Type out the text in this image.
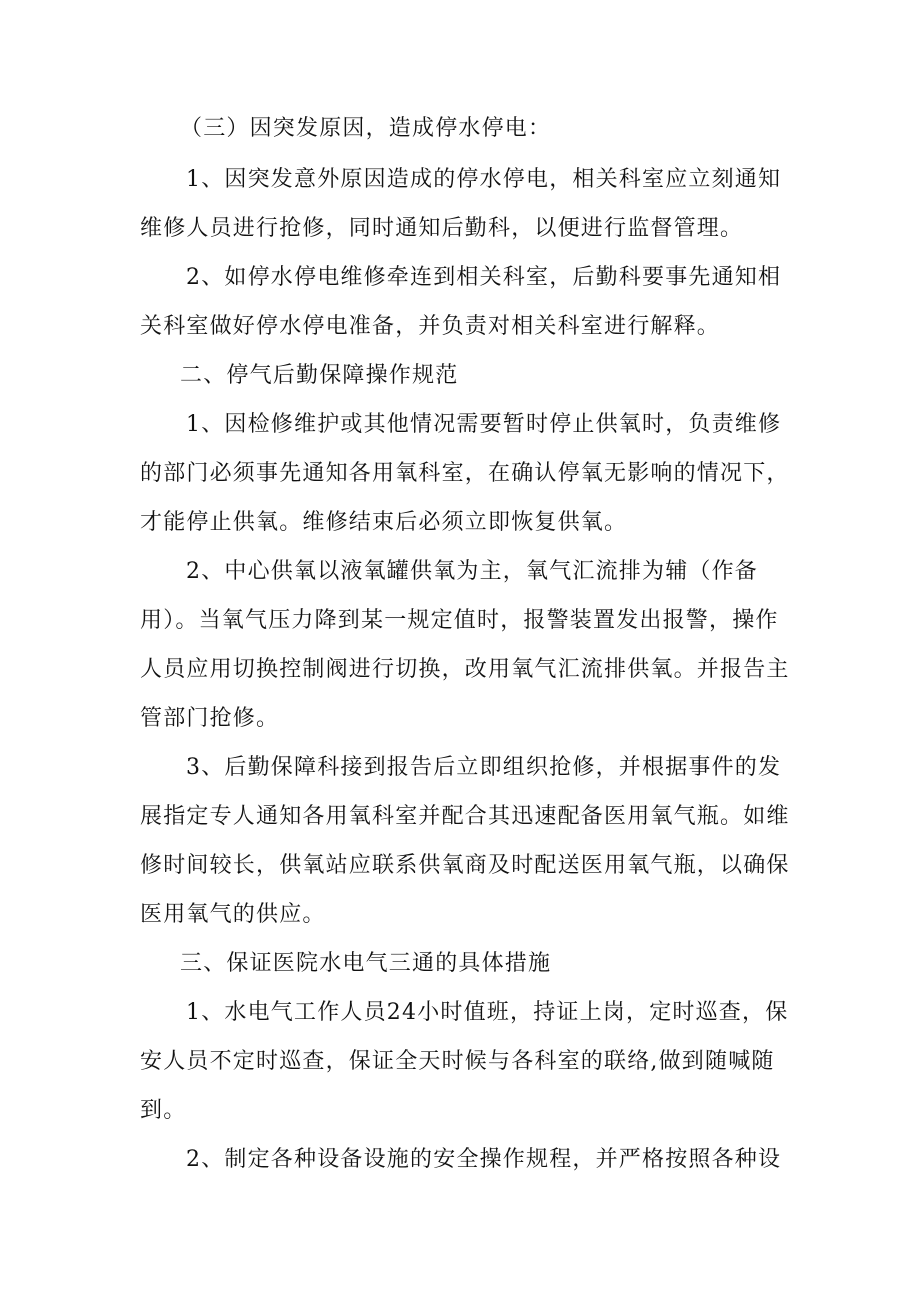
（三）因突发原因，造成停水停电：
1、因突发意外原因造成的停水停电，相关科室应立刻通知
维修人员进行抢修，同时通知后勤科，以便进行监督管理。
2、如停水停电维修牵连到相关科室，后勤科要事先通知相
关科室做好停水停电准备，并负责对相关科室进行解释。
二、停气后勤保障操作规范
1、因检修维护或其他情况需要暂时停止供氧时，负责维修
的部门必须事先通知各用氧科室，在确认停氧无影响的情况下，
才能停止供氧。维修结束后必须立即恢复供氧。
2、中心供氧以液氧罐供氧为主，氧气汇流排为辅（作备
用）。当氧气压力降到某一规定值时，报警装置发出报警，操作
人员应用切换控制阀进行切换，改用氧气汇流排供氧。并报告主
管部门抢修。
3、后勤保障科接到报告后立即组织抢修，并根据事件的发
展指定专人通知各用氧科室并配合其迅速配备医用氧气瓶。如维
修时间较长，供氧站应联系供氧商及时配送医用氧气瓶，以确保
医用氧气的供应。
三、保证医院水电气三通的具体措施
1、水电气工作人员24小时值班，持证上岗，定时巡查，保
安人员不定时巡查，保证全天时候与各科室的联络,做到随喊随
到。
2、制定各种设备设施的安全操作规程，并严格按照各种设
